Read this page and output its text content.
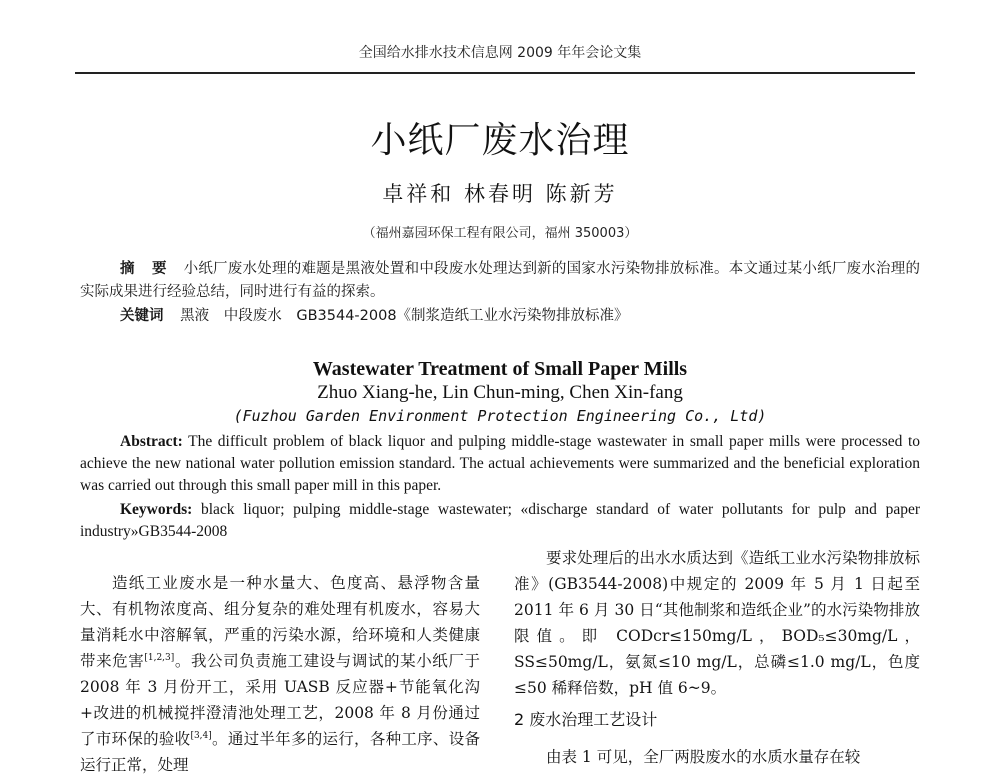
全国给水排水技术信息网 2009 年年会论文集
小纸厂废水治理
卓祥和 林春明 陈新芳
（福州嘉园环保工程有限公司，福州 350003）
摘 要 小纸厂废水处理的难题是黑液处置和中段废水处理达到新的国家水污染物排放标准。本文通过某小纸厂废水治理的实际成果进行经验总结，同时进行有益的探索。
关键词 黑液 中段废水 GB3544-2008《制浆造纸工业水污染物排放标准》
Wastewater Treatment of Small Paper Mills
Zhuo Xiang-he, Lin Chun-ming, Chen Xin-fang
(Fuzhou Garden Environment Protection Engineering Co., Ltd)
Abstract: The difficult problem of black liquor and pulping middle-stage wastewater in small paper mills were processed to achieve the new national water pollution emission standard. The actual achievements were summarized and the beneficial exploration was carried out through this small paper mill in this paper.
Keywords: black liquor; pulping middle-stage wastewater; «discharge standard of water pollutants for pulp and paper industry»GB3544-2008
造纸工业废水是一种水量大、色度高、悬浮物含量大、有机物浓度高、组分复杂的难处理有机废水，容易大量消耗水中溶解氧，严重的污染水源，给环境和人类健康带来危害[1,2,3]。我公司负责施工建设与调试的某小纸厂于 2008 年 3 月份开工，采用 UASB 反应器+节能氧化沟+改进的机械搅拌澄清池处理工艺，2008 年 8 月份通过了市环保的验收[3,4]。通过半年多的运行，各种工序、设备运行正常，处理
要求处理后的出水水质达到《造纸工业水污染物排放标准》(GB3544-2008)中规定的 2009 年 5 月 1 日起至 2011 年 6 月 30 日“其他制浆和造纸企业”的水污染物排放限值。即 CODcr≤150mg/L，BOD₅≤30mg/L，SS≤50mg/L，氨氮≤10 mg/L，总磷≤1.0 mg/L，色度≤50 稀释倍数，pH 值 6~9。
2 废水治理工艺设计
由表 1 可见，全厂两股废水的水质水量存在较
